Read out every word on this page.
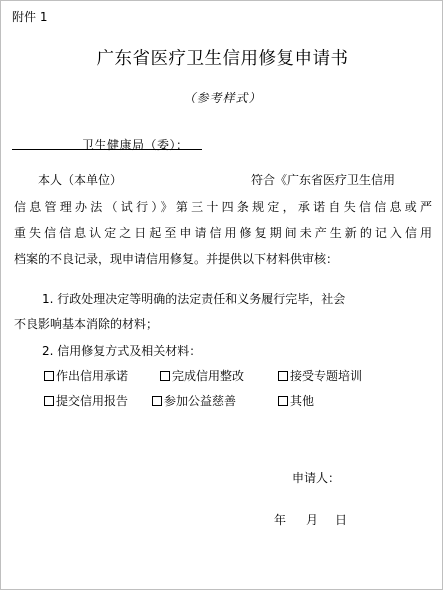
附件 1
广东省医疗卫生信用修复申请书
（参考样式）
卫生健康局（委）：
本人（本单位）	符合《广东省医疗卫生信用
信息管理办法（试行）》第三十四条规定，承诺自失信信息或严
重失信信息认定之日起至申请信用修复期间未产生新的记入信用
档案的不良记录，现申请信用修复。并提供以下材料供审核：
1. 行政处理决定等明确的法定责任和义务履行完毕，社会
不良影响基本消除的材料；
2. 信用修复方式及相关材料：
作出信用承诺	完成信用整改	接受专题培训
提交信用报告	参加公益慈善	其他
申请人：
年 月 日
